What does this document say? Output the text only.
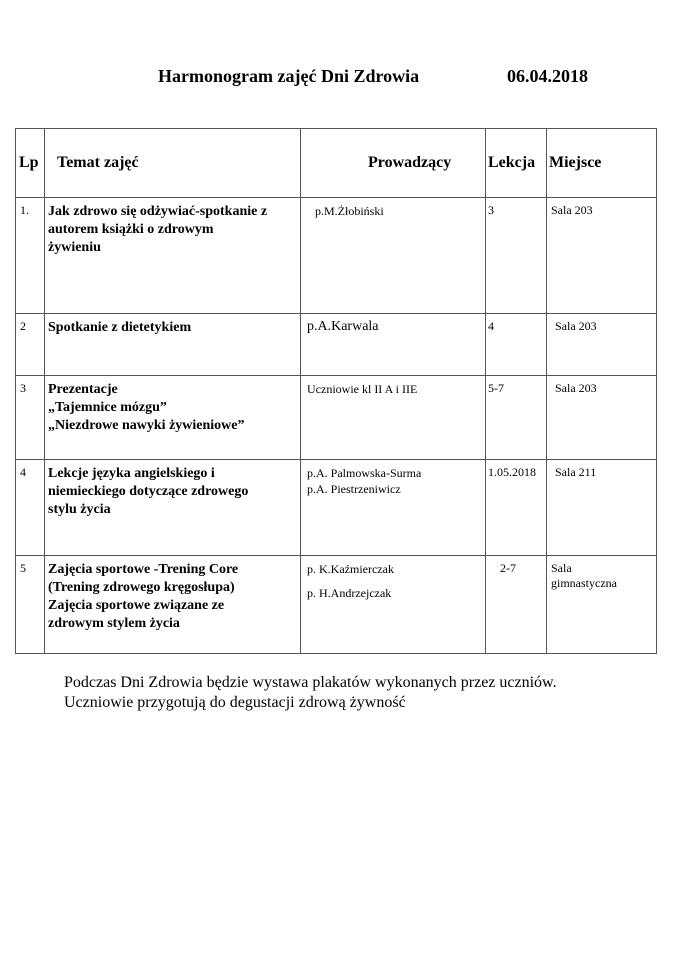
Harmonogram zajęć Dni Zdrowia	06.04.2018
Lp	Temat zajęć	Prowadzący	Lekcja	Miejsce
1.	Jak zdrowo się odżywiać-spotkanie z
autorem książki o zdrowym
żywieniu	p.M.Żłobiński	3	Sala 203

2	Spotkanie z dietetykiem	p.A.Karwala	4	Sala 203

3	Prezentacje
„Tajemnice mózgu”
„Niezdrowe nawyki żywieniowe”	Uczniowie kl II A i IIE	5-7	Sala 203

4	Lekcje języka angielskiego i
niemieckiego dotyczące zdrowego
stylu życia	p.A. Palmowska-Surma
p.A. Piestrzeniwicz	1.05.2018	Sala 211

5	Zajęcia sportowe -Trening Core
(Trening zdrowego kręgosłupa)
Zajęcia sportowe związane ze
zdrowym stylem życia	p. K.Kaźmierczak
p. H.Andrzejczak	2-7	Sala
gimnastyczna

Podczas Dni Zdrowia będzie wystawa plakatów wykonanych przez uczniów.

Uczniowie przygotują do degustacji zdrową żywność
